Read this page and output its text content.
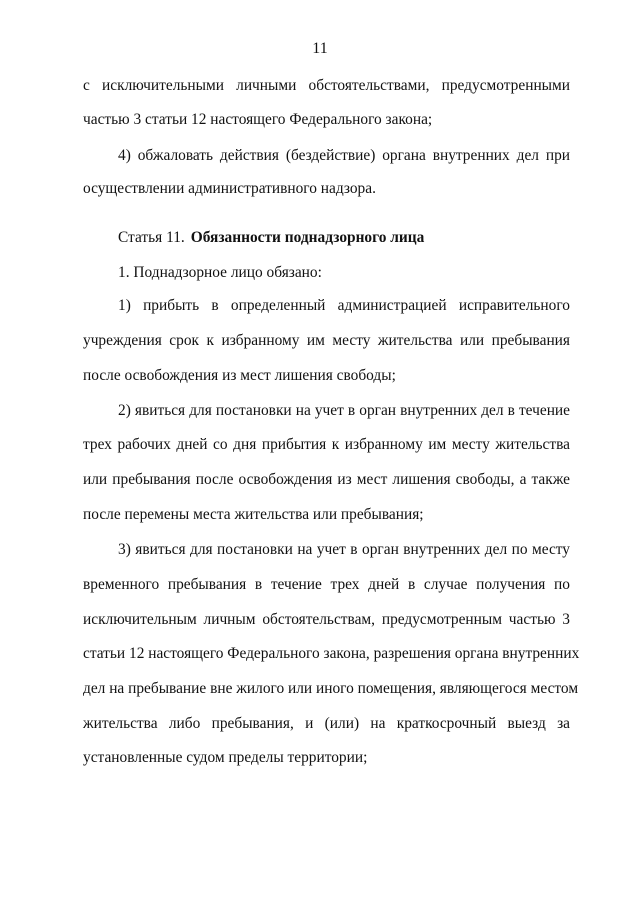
11
с исключительными личными обстоятельствами, предусмотренными
частью 3 статьи 12 настоящего Федерального закона;
4) обжаловать действия (бездействие) органа внутренних дел при
осуществлении административного надзора.
Статья 11. Обязанности поднадзорного лица
1. Поднадзорное лицо обязано:
1) прибыть в определенный администрацией исправительного
учреждения срок к избранному им месту жительства или пребывания
после освобождения из мест лишения свободы;
2) явиться для постановки на учет в орган внутренних дел в течение
трех рабочих дней со дня прибытия к избранному им месту жительства
или пребывания после освобождения из мест лишения свободы, а также
после перемены места жительства или пребывания;
3) явиться для постановки на учет в орган внутренних дел по месту
временного пребывания в течение трех дней в случае получения по
исключительным личным обстоятельствам, предусмотренным частью 3
статьи 12 настоящего Федерального закона, разрешения органа внутренних
дел на пребывание вне жилого или иного помещения, являющегося местом
жительства либо пребывания, и (или) на краткосрочный выезд за
установленные судом пределы территории;
